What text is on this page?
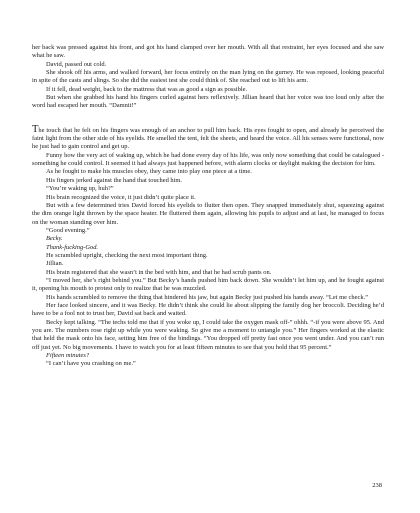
her back was pressed against his front, and got his hand clamped over her mouth. With all that restraint, her eyes focused and she saw what he saw.

David, passed out cold.

She shook off his arms, and walked forward, her focus entirely on the man lying on the gurney. He was reposed, looking peaceful in spite of the casts and slings. So she did the easiest test she could think of. She reached out to lift his arm.

If it fell, dead weight, back to the mattress that was as good a sign as possible.

But when she grabbed his hand his fingers curled against hers reflexively. Jillian heard that her voice was too loud only after the word had escaped her mouth. “Damnit!”

The touch that he felt on his fingers was enough of an anchor to pull him back. His eyes fought to open, and already he perceived the faint light from the other side of his eyelids. He smelled the tent, felt the sheets, and heard the voice. All his senses were functional, now he just had to gain control and get up.

Funny how the very act of waking up, which he had done every day of his life, was only now something that could be catalogued - something he could control. It seemed it had always just happened before, with alarm clocks or daylight making the decision for him.

As he fought to make his muscles obey, they came into play one piece at a time.

His fingers jerked against the hand that touched him.

“You’re waking up, huh?”

His brain recognized the voice, it just didn’t quite place it.

But with a few determined tries David forced his eyelids to flutter then open. They snapped immediately shut, squeezing against the dim orange light thrown by the space heater. He fluttered them again, allowing his pupils to adjust and at last, he managed to focus on the woman standing over him.

“Good evening.”

Becky.

Thank-fucking-God.

He scrambled upright, checking the next most important thing.

Jillian.

His brain registered that she wasn’t in the bed with him, and that he had scrub pants on.

“I moved her, she’s right behind you.” But Becky’s hands pushed him back down. She wouldn’t let him up, and he fought against it, opening his mouth to protest only to realize that he was muzzled.

His hands scrambled to remove the thing that hindered his jaw, but again Becky just pushed his hands away. “Let me check.”

Her face looked sincere, and it was Becky. He didn’t think she could lie about slipping the family dog her broccoli. Deciding he’d have to be a fool not to trust her, David sat back and waited.

Becky kept talking. “The techs told me that if you woke up, I could take the oxygen mask off-” ohhh. “-if you were above 95. And you are. The numbers rose right up while you were waking. So give me a moment to untangle you.” Her fingers worked at the elastic that held the mask onto his face, setting him free of the bindings. “You dropped off pretty fast once you went under. And you can’t run off just yet. No big movements. I have to watch you for at least fifteen minutes to see that you hold that 95 percent.”

Fifteen minutes?

“I can’t have you crashing on me.”

238
